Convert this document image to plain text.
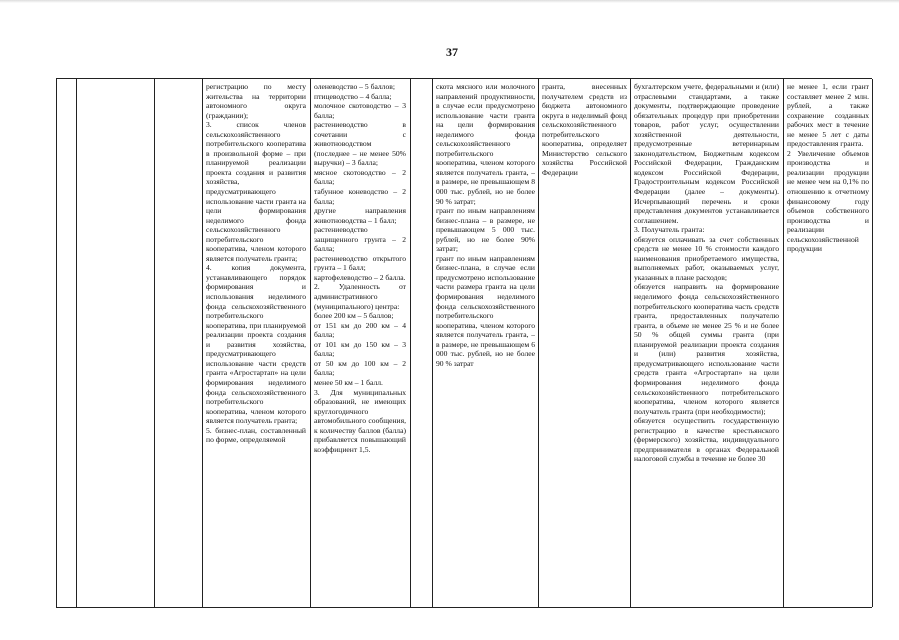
37

регистрацию по месту жительства на территории автономного округа (граждании);

3. список членов сельскохозяйственного потребительского кооператива в произвольной форме – при планируемой реализации проекта создания и развития хозяйства, предусматривающего использование части гранта на цели формирования неделимого фонда сельскохозяйственного потребительского кооператива, членом которого является получатель гранта;

4. копия документа, устанавливающего порядок формирования и использования неделимого фонда сельскохозяйственного потребительского кооператива, при планируемой реализации проекта создания и развития хозяйства, предусматривающего использование части средств гранта «Агростартап» на цели формирования неделимого фонда сельскохозяйственного потребительского кооператива, членом которого является получатель гранта;

5. бизнес-план, составленный по форме, определяемой

оленеводство – 5 баллов;

птицеводство – 4 балла;

молочное скотоводство – 3 балла;

растениеводство в сочетании с животноводством (последнее – не менее 50% выручки) – 3 балла;

мясное скотоводство – 2 балла;

табунное коневодство – 2 балла;

другие направления животноводства – 1 балл;

растениеводство защищенного грунта – 2 балла;

растениеводство открытого грунта – 1 балл;

картофелеводство – 2 балла.

2. Удаленность от административного (муниципального) центра:

более 200 км – 5 баллов;

от 151 км до 200 км – 4 балла;

от 101 км до 150 км – 3 балла;

от 50 км до 100 км – 2 балла;

менее 50 км – 1 балл.

3. Для муниципальных образований, не имеющих круглогодичного автомобильного сообщения, к количеству баллов (балла) прибавляется повышающий коэффициент 1,5.

скота мясного или молочного направлений продуктивности, в случае если предусмотрено использование части гранта на цели формирования неделимого фонда сельскохозяйственного потребительского кооператива, членом которого является получатель гранта, – в размере, не превышающем 8 000 тыс. рублей, но не более 90 % затрат;

грант по иным направлениям бизнес-плана – в размере, не превышающем 5 000 тыс. рублей, но не более 90% затрат;

грант по иным направлениям бизнес-плана, в случае если предусмотрено использование части размера гранта на цели формирования неделимого фонда сельскохозяйственного потребительского кооператива, членом которого является получатель гранта, – в размере, не превышающем 6 000 тыс. рублей, но не более 90 % затрат

гранта, внесенных получателем средств из бюджета автономного округа в неделимый фонд сельскохозяйственного потребительского кооператива, определяет Министерство сельского хозяйства Российской Федерации

бухгалтерском учете, федеральными и (или) отраслевыми стандартами, а также документы, подтверждающие проведение обязательных процедур при приобретении товаров, работ услуг, осуществлении хозяйственной деятельности, предусмотренные ветеринарным законодательством, Бюджетным кодексом Российской Федерации, Гражданским кодексом Российской Федерации, Градостроительным кодексом Российской Федерации (далее – документы). Исчерпывающий перечень и сроки представления документов устанавливается соглашением.

3. Получатель гранта:

обязуется оплачивать за счет собственных средств не менее 10 % стоимости каждого наименования приобретаемого имущества, выполняемых работ, оказываемых услуг, указанных в плане расходов;

обязуется направить на формирование неделимого фонда сельскохозяйственного потребительского кооператива часть средств гранта, предоставленных получателю гранта, в объеме не менее 25 % и не более 50 % общей суммы гранта (при планируемой реализации проекта создания и (или) развития хозяйства, предусматривающего использование части средств гранта «Агростартап» на цели формирования неделимого фонда сельскохозяйственного потребительского кооператива, членом которого является получатель гранта (при необходимости);

обязуется осуществить государственную регистрацию в качестве крестьянского (фермерского) хозяйства, индивидуального предпринимателя в органах Федеральной налоговой службы в течение не более 30

не менее 1, если грант составляет менее 2 млн. рублей, а также сохранение созданных рабочих мест в течение не менее 5 лет с даты предоставления гранта.

2 Увеличение объемов производства и реализации продукции не менее чем на 0,1% по отношению к отчетному финансовому году объемов собственного производства и реализации сельскохозяйственной продукции
